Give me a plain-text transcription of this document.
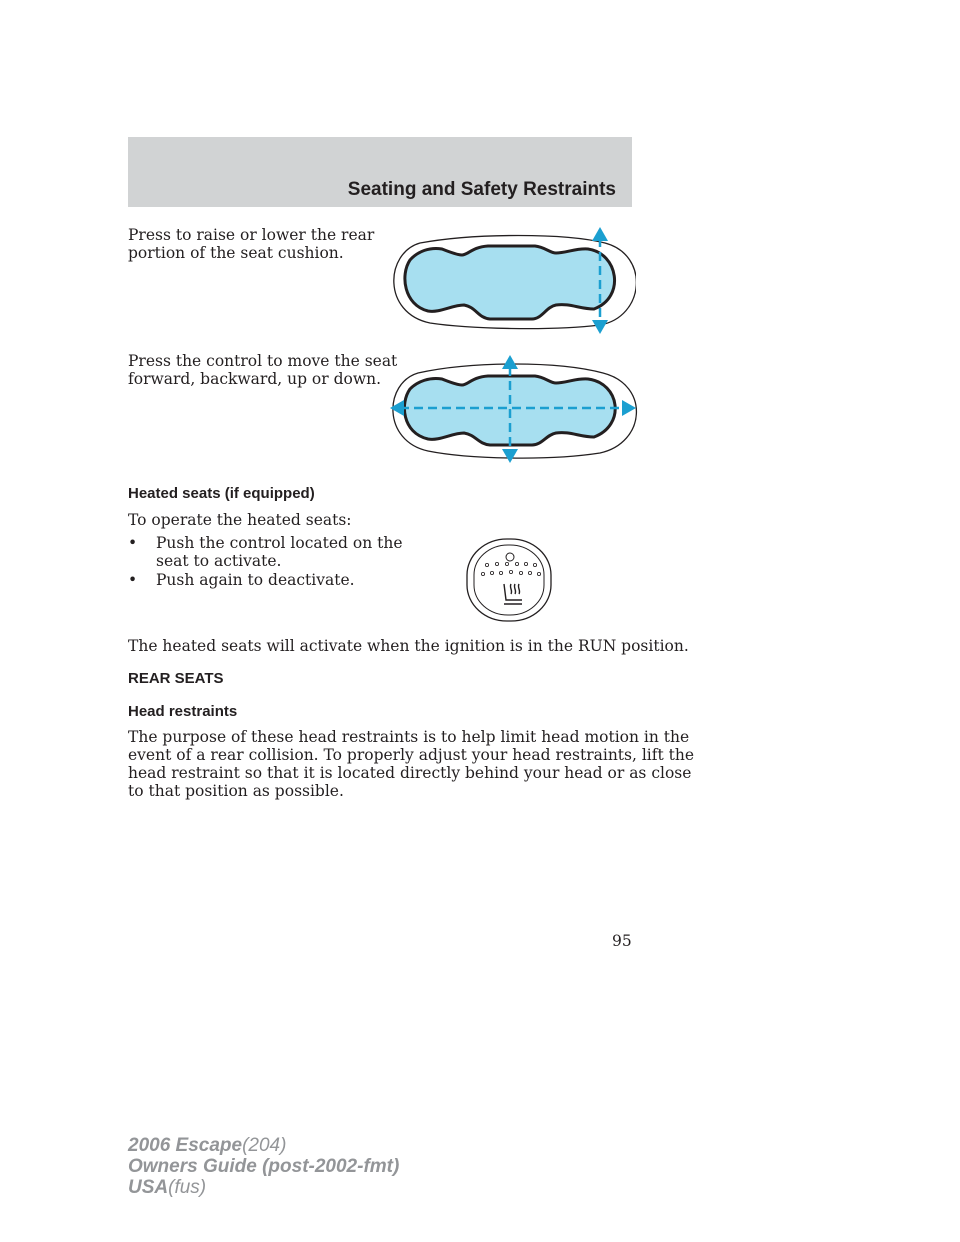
Seating and Safety Restraints

Press to raise or lower the rear
portion of the seat cushion.

Press the control to move the seat
forward, backward, up or down.

Heated seats (if equipped)

To operate the heated seats:

• Push the control located on the
seat to activate.
• Push again to deactivate.

The heated seats will activate when the ignition is in the RUN position.

REAR SEATS
Head restraints

The purpose of these head restraints is to help limit head motion in the
event of a rear collision. To properly adjust your head restraints, lift the
head restraint so that it is located directly behind your head or as close
to that position as possible.

95
2006 Escape(204)
Owners Guide (post-2002-fmt)
USA(fus)
